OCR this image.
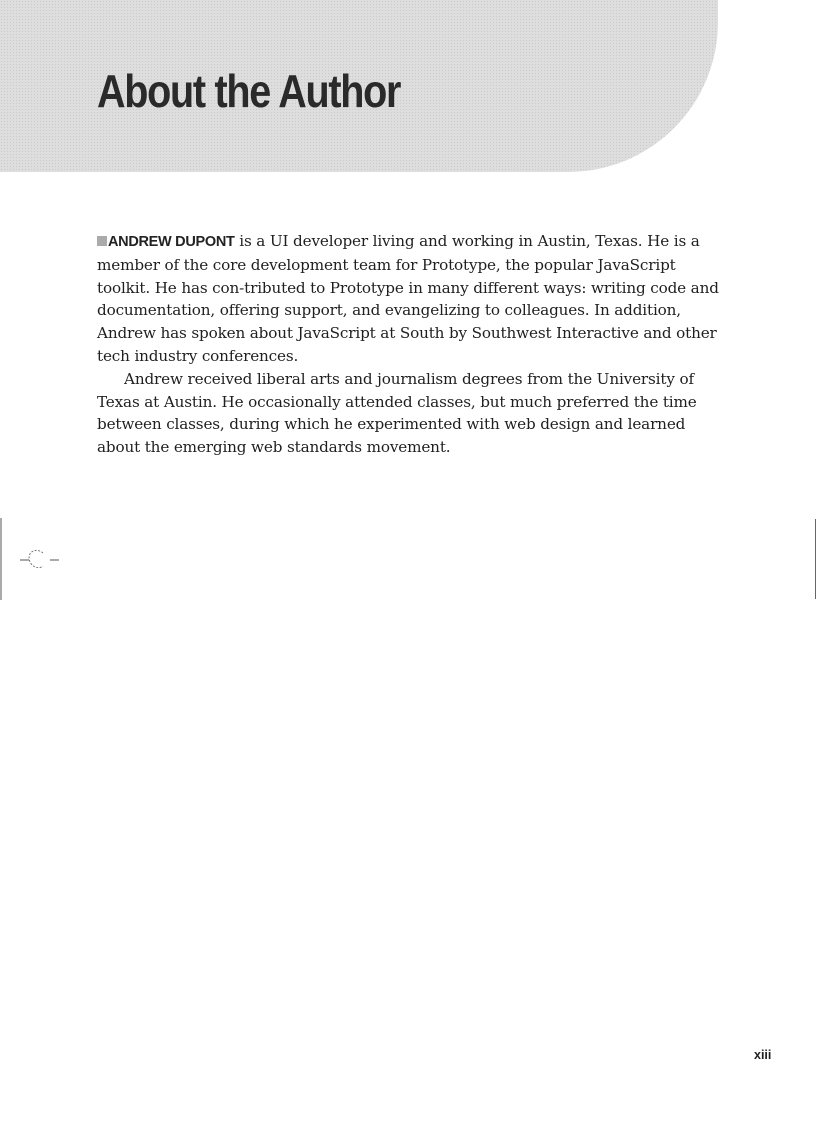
About the Author

ANDREW DUPONT is a UI developer living and working in Austin, Texas. He is a member of the core development team for Prototype, the popular JavaScript toolkit. He has con-tributed to Prototype in many different ways: writing code and documentation, offering support, and evangelizing to colleagues. In addition, Andrew has spoken about JavaScript at South by Southwest Interactive and other tech industry conferences.

Andrew received liberal arts and journalism degrees from the University of Texas at Austin. He occasionally attended classes, but much preferred the time between classes, during which he experimented with web design and learned about the emerging web standards movement.

xiii
